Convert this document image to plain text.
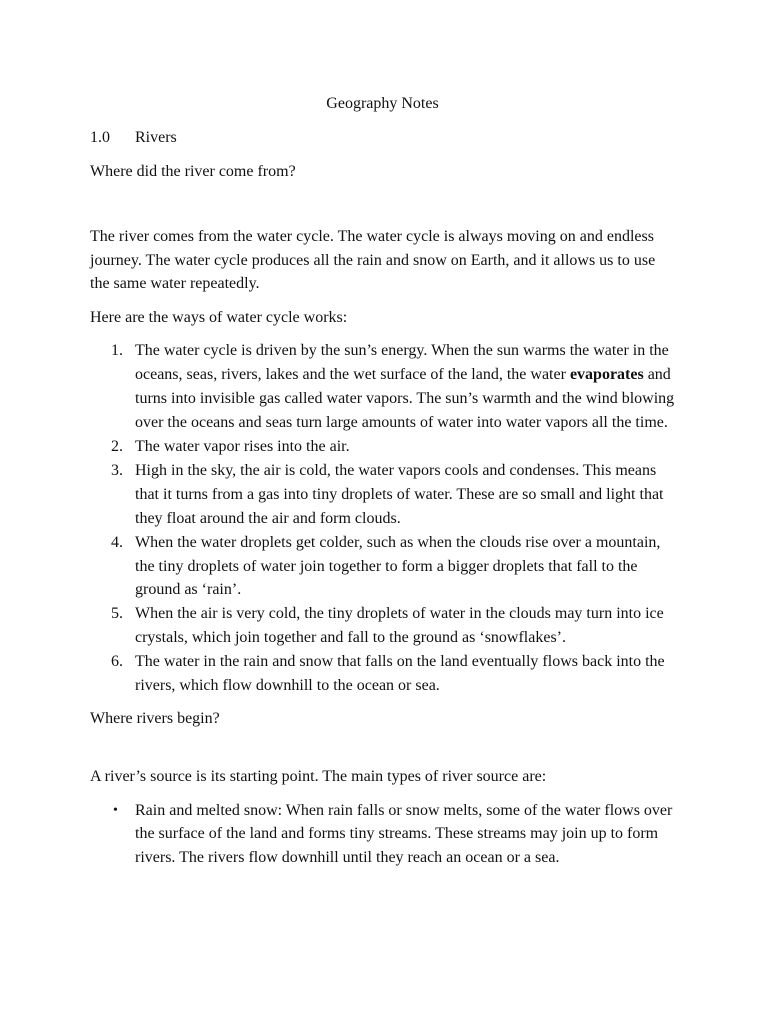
Geography Notes

1.0	Rivers

Where did the river come from?

The river comes from the water cycle. The water cycle is always moving on and endless journey. The water cycle produces all the rain and snow on Earth, and it allows us to use the same water repeatedly.

Here are the ways of water cycle works:

1. The water cycle is driven by the sun’s energy. When the sun warms the water in the oceans, seas, rivers, lakes and the wet surface of the land, the water evaporates and turns into invisible gas called water vapors. The sun’s warmth and the wind blowing over the oceans and seas turn large amounts of water into water vapors all the time.
2. The water vapor rises into the air.
3. High in the sky, the air is cold, the water vapors cools and condenses. This means that it turns from a gas into tiny droplets of water. These are so small and light that they float around the air and form clouds.
4. When the water droplets get colder, such as when the clouds rise over a mountain, the tiny droplets of water join together to form a bigger droplets that fall to the ground as ‘rain’.
5. When the air is very cold, the tiny droplets of water in the clouds may turn into ice crystals, which join together and fall to the ground as ‘snowflakes’.
6. The water in the rain and snow that falls on the land eventually flows back into the rivers, which flow downhill to the ocean or sea.

Where rivers begin?

A river’s source is its starting point. The main types of river source are:

• Rain and melted snow: When rain falls or snow melts, some of the water flows over the surface of the land and forms tiny streams. These streams may join up to form rivers. The rivers flow downhill until they reach an ocean or a sea.
